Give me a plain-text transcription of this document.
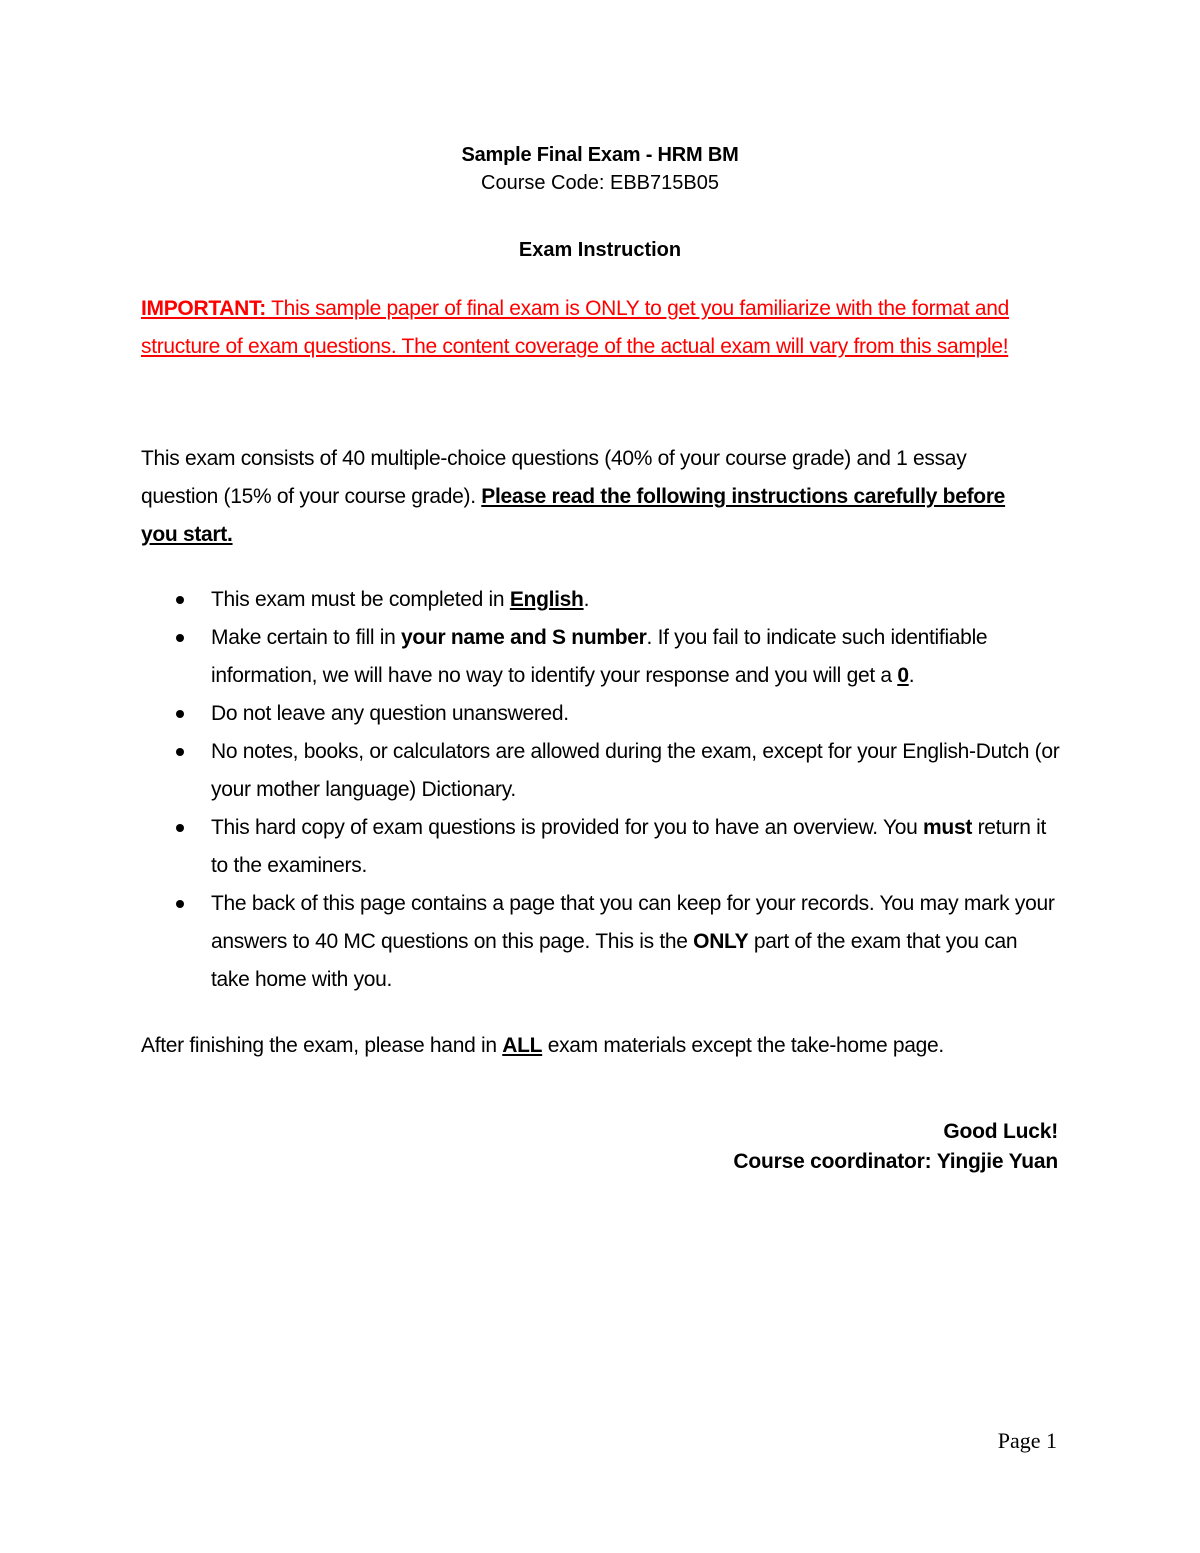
Sample Final Exam - HRM BM
Course Code: EBB715B05
Exam Instruction
IMPORTANT: This sample paper of final exam is ONLY to get you familiarize with the format and structure of exam questions. The content coverage of the actual exam will vary from this sample!
This exam consists of 40 multiple-choice questions (40% of your course grade) and 1 essay question (15% of your course grade). Please read the following instructions carefully before you start.
This exam must be completed in English.
Make certain to fill in your name and S number. If you fail to indicate such identifiable information, we will have no way to identify your response and you will get a 0.
Do not leave any question unanswered.
No notes, books, or calculators are allowed during the exam, except for your English-Dutch (or your mother language) Dictionary.
This hard copy of exam questions is provided for you to have an overview. You must return it to the examiners.
The back of this page contains a page that you can keep for your records. You may mark your answers to 40 MC questions on this page. This is the ONLY part of the exam that you can take home with you.
After finishing the exam, please hand in ALL exam materials except the take-home page.
Good Luck!
Course coordinator: Yingjie Yuan
Page 1
